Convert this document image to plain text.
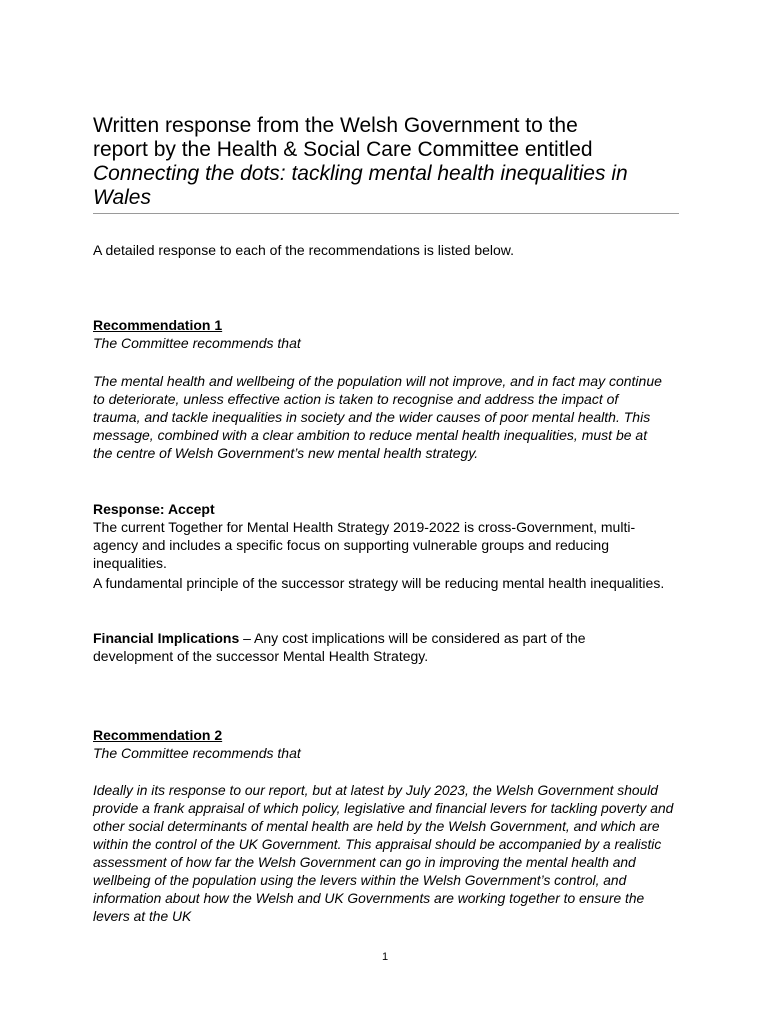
Written response from the Welsh Government to the
report by the Health & Social Care Committee entitled
Connecting the dots: tackling mental health inequalities in Wales

A detailed response to each of the recommendations is listed below.

Recommendation 1

The Committee recommends that

The mental health and wellbeing of the population will not improve, and in fact may continue to deteriorate, unless effective action is taken to recognise and address the impact of trauma, and tackle inequalities in society and the wider causes of poor mental health. This message, combined with a clear ambition to reduce mental health inequalities, must be at the centre of Welsh Government’s new mental health strategy.

Response: Accept

The current Together for Mental Health Strategy 2019-2022 is cross-Government, multi-agency and includes a specific focus on supporting vulnerable groups and reducing inequalities.

A fundamental principle of the successor strategy will be reducing mental health inequalities.

Financial Implications – Any cost implications will be considered as part of the development of the successor Mental Health Strategy.

Recommendation 2

The Committee recommends that

Ideally in its response to our report, but at latest by July 2023, the Welsh Government should provide a frank appraisal of which policy, legislative and financial levers for tackling poverty and other social determinants of mental health are held by the Welsh Government, and which are within the control of the UK Government. This appraisal should be accompanied by a realistic assessment of how far the Welsh Government can go in improving the mental health and wellbeing of the population using the levers within the Welsh Government’s control, and information about how the Welsh and UK Governments are working together to ensure the levers at the UK

1
